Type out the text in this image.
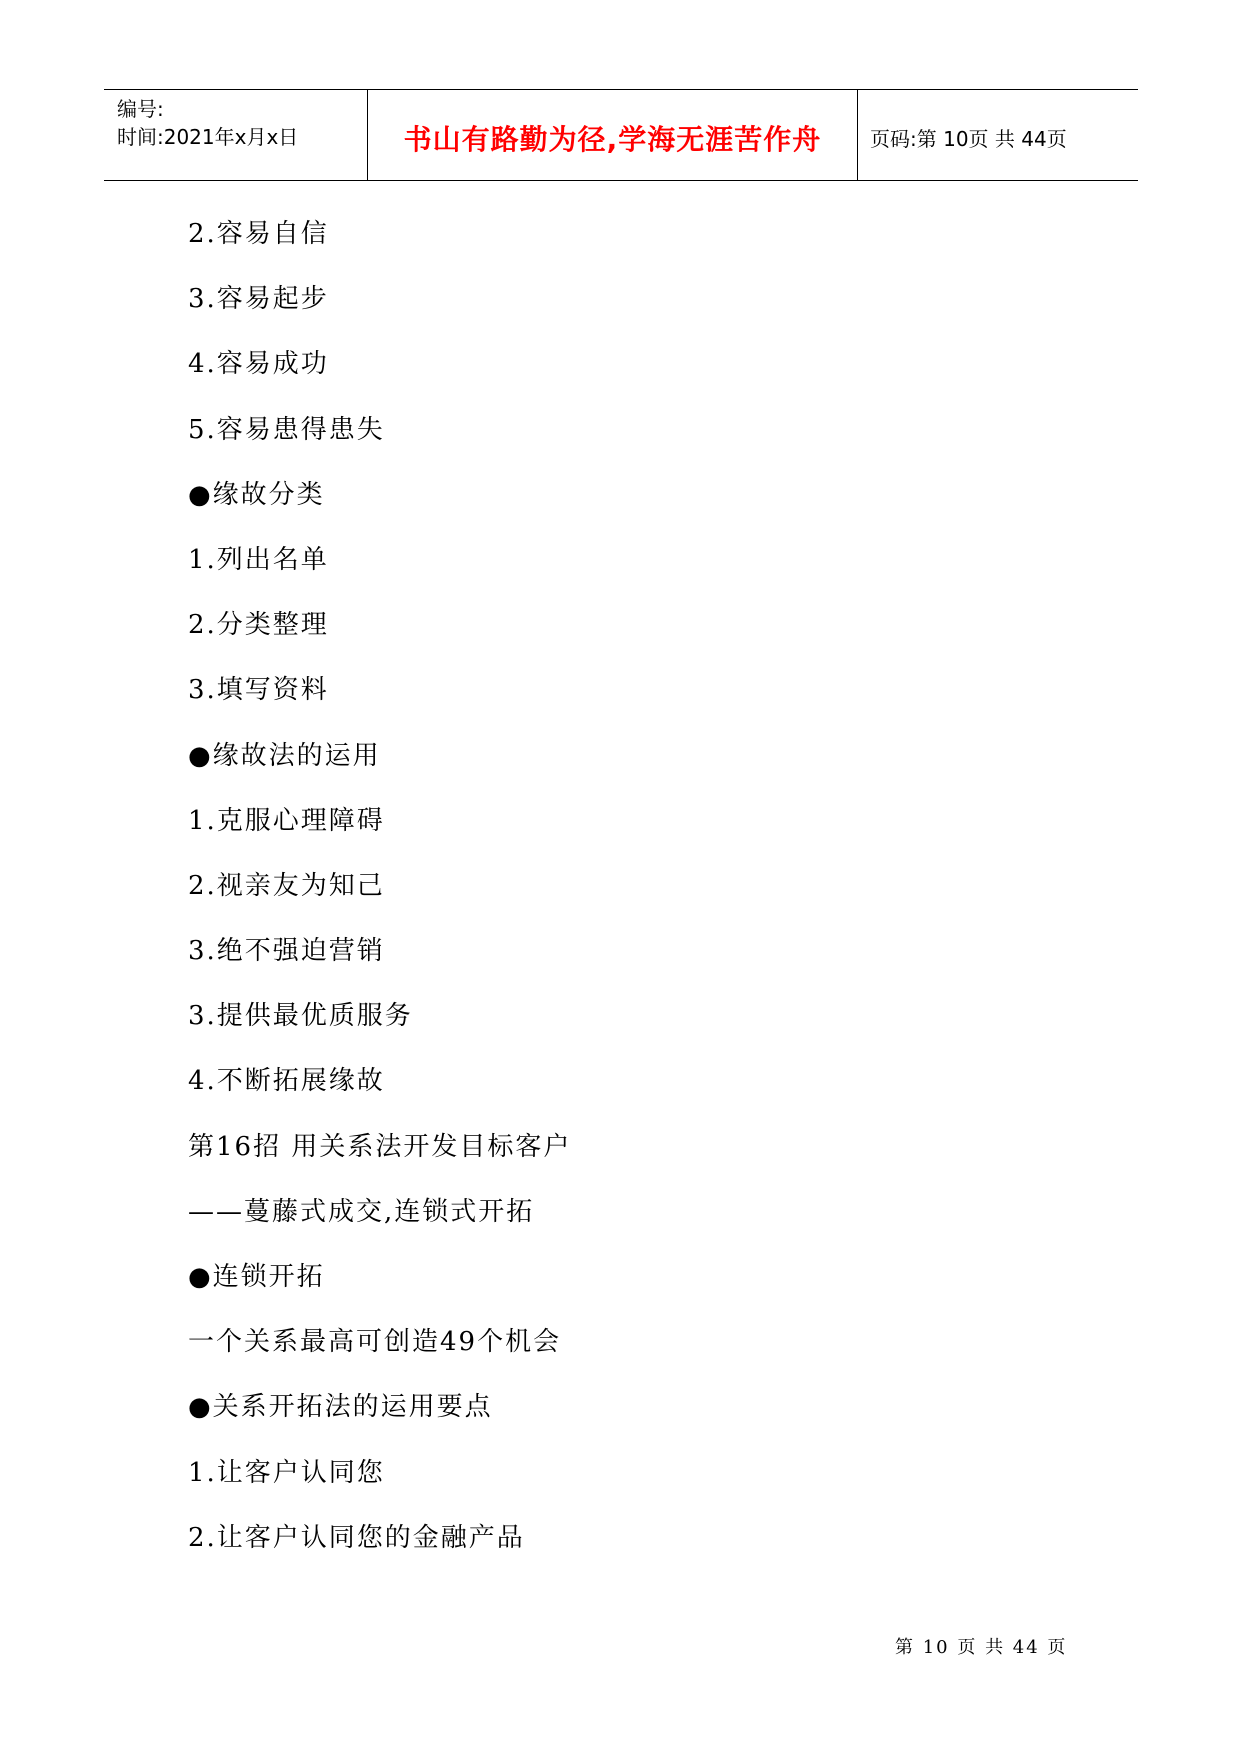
编号:
时间:2021年x月x日	书山有路勤为径,学海无涯苦作舟	页码:第 10页 共 44页
2.容易自信
3.容易起步
4.容易成功
5.容易患得患失
●缘故分类
1.列出名单
2.分类整理
3.填写资料
●缘故法的运用
1.克服心理障碍
2.视亲友为知己
3.绝不强迫营销
3.提供最优质服务
4.不断拓展缘故
第16招 用关系法开发目标客户
——蔓藤式成交,连锁式开拓
●连锁开拓
一个关系最高可创造49个机会
●关系开拓法的运用要点
1.让客户认同您
2.让客户认同您的金融产品
第 10 页 共 44 页
